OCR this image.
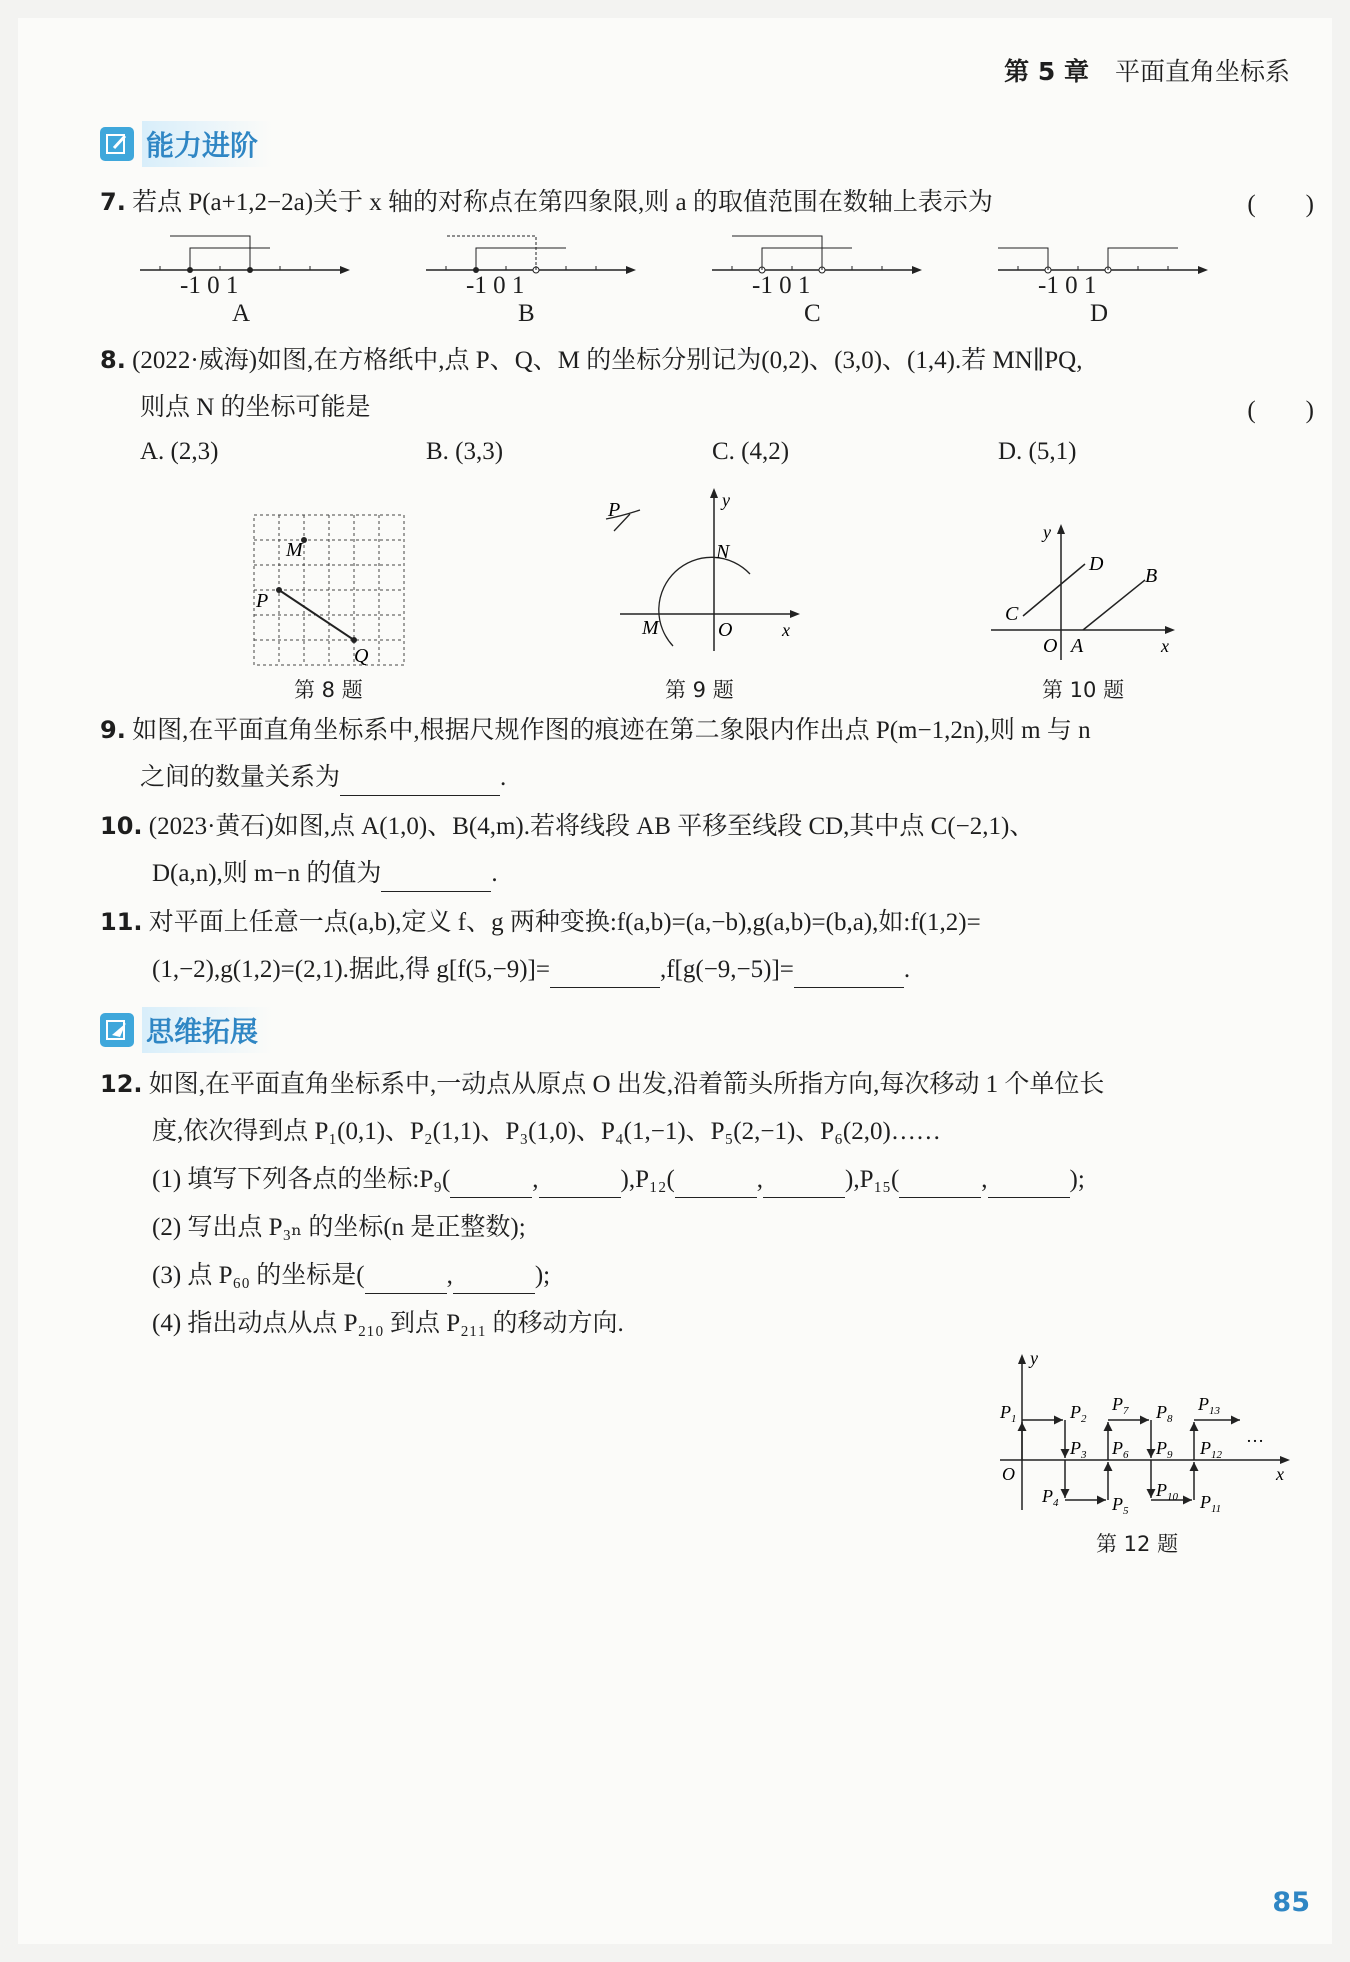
第 5 章 平面直角坐标系
能力进阶
7. 若点 P(a+1,2−2a)关于 x 轴的对称点在第四象限,则 a 的取值范围在数轴上表示为	(　　)
-1 0 1	-1 0 1	-1 0 1	-1 0 1
A	B	C	D
8. (2022·威海)如图,在方格纸中,点 P、Q、M 的坐标分别记为(0,2)、(3,0)、(1,4).若 MN∥PQ,
则点 N 的坐标可能是	(　　)
A. (2,3)	B. (3,3)	C. (4,2)	D. (5,1)
M
P
Q
第 8 题
P	y
N
M	O	x
第 9 题
y
D
B
C
O A	x
第 10 题
9. 如图,在平面直角坐标系中,根据尺规作图的痕迹在第二象限内作出点 P(m−1,2n),则 m 与 n
之间的数量关系为	.
10. (2023·黄石)如图,点 A(1,0)、B(4,m).若将线段 AB 平移至线段 CD,其中点 C(−2,1)、
D(a,n),则 m−n 的值为	.
11. 对平面上任意一点(a,b),定义 f、g 两种变换:f(a,b)=(a,−b),g(a,b)=(b,a),如:f(1,2)=
(1,−2),g(1,2)=(2,1).据此,得 g[f(5,−9)]=	,f[g(−9,−5)]=	.
思维拓展
12. 如图,在平面直角坐标系中,一动点从原点 O 出发,沿着箭头所指方向,每次移动 1 个单位长
度,依次得到点 P₁(0,1)、P₂(1,1)、P₃(1,0)、P₄(1,−1)、P₅(2,−1)、P₆(2,0)……
(1) 填写下列各点的坐标:P₉(	,	),P₁₂(	,	),P₁₅(	,	);
(2) 写出点 P₃ₙ 的坐标(n 是正整数);
(3) 点 P₆₀ 的坐标是(	,	);
(4) 指出动点从点 P₂₁₀ 到点 P₂₁₁ 的移动方向.
y
$P_1$	$P_2$
$P_3$
$P_4$	$P_5$
$P_6$
$P_7$ $P_8$
$P_9$
$P_{10}$ $P_{11}$
$P_{12}$
$P_{13}$
…
O	x
第 12 题
85
